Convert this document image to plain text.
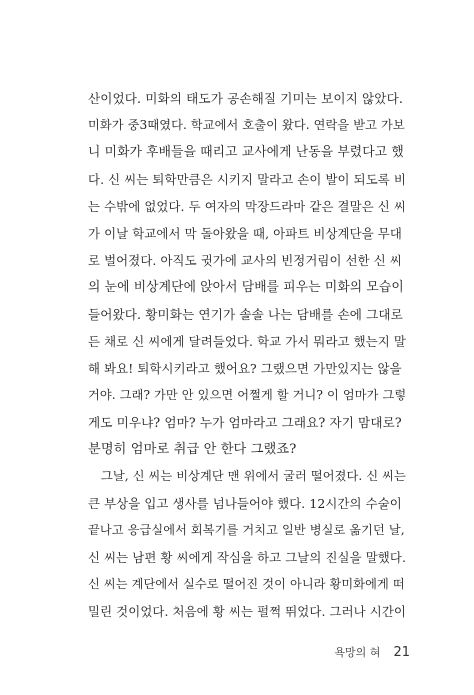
산이었다. 미화의 태도가 공손해질 기미는 보이지 않았다.
미화가 중3때였다. 학교에서 호출이 왔다. 연락을 받고 가보
니 미화가 후배들을 때리고 교사에게 난동을 부렸다고 했
다. 신 씨는 퇴학만큼은 시키지 말라고 손이 발이 되도록 비
는 수밖에 없었다. 두 여자의 막장드라마 같은 결말은 신 씨
가 이날 학교에서 막 돌아왔을 때, 아파트 비상계단을 무대
로 벌어졌다. 아직도 귓가에 교사의 빈정거림이 선한 신 씨
의 눈에 비상계단에 앉아서 담배를 피우는 미화의 모습이
들어왔다. 황미화는 연기가 솔솔 나는 담배를 손에 그대로
든 채로 신 씨에게 달려들었다. 학교 가서 뭐라고 했는지 말
해 봐요! 퇴학시키라고 했어요? 그랬으면 가만있지는 않을
거야. 그래? 가만 안 있으면 어쩔게 할 거니? 이 엄마가 그렇
게도 미우냐? 엄마? 누가 엄마라고 그래요? 자기 맘대로?
분명히 엄마로 취급 안 한다 그랬죠?
그날, 신 씨는 비상계단 맨 위에서 굴러 떨어졌다. 신 씨는
큰 부상을 입고 생사를 넘나들어야 했다. 12시간의 수술이
끝나고 응급실에서 회복기를 거치고 일반 병실로 옮기던 날,
신 씨는 남편 황 씨에게 작심을 하고 그날의 진실을 말했다.
신 씨는 계단에서 실수로 떨어진 것이 아니라 황미화에게 떠
밀린 것이었다. 처음에 황 씨는 펄쩍 뛰었다. 그러나 시간이
욕망의 혀 21
